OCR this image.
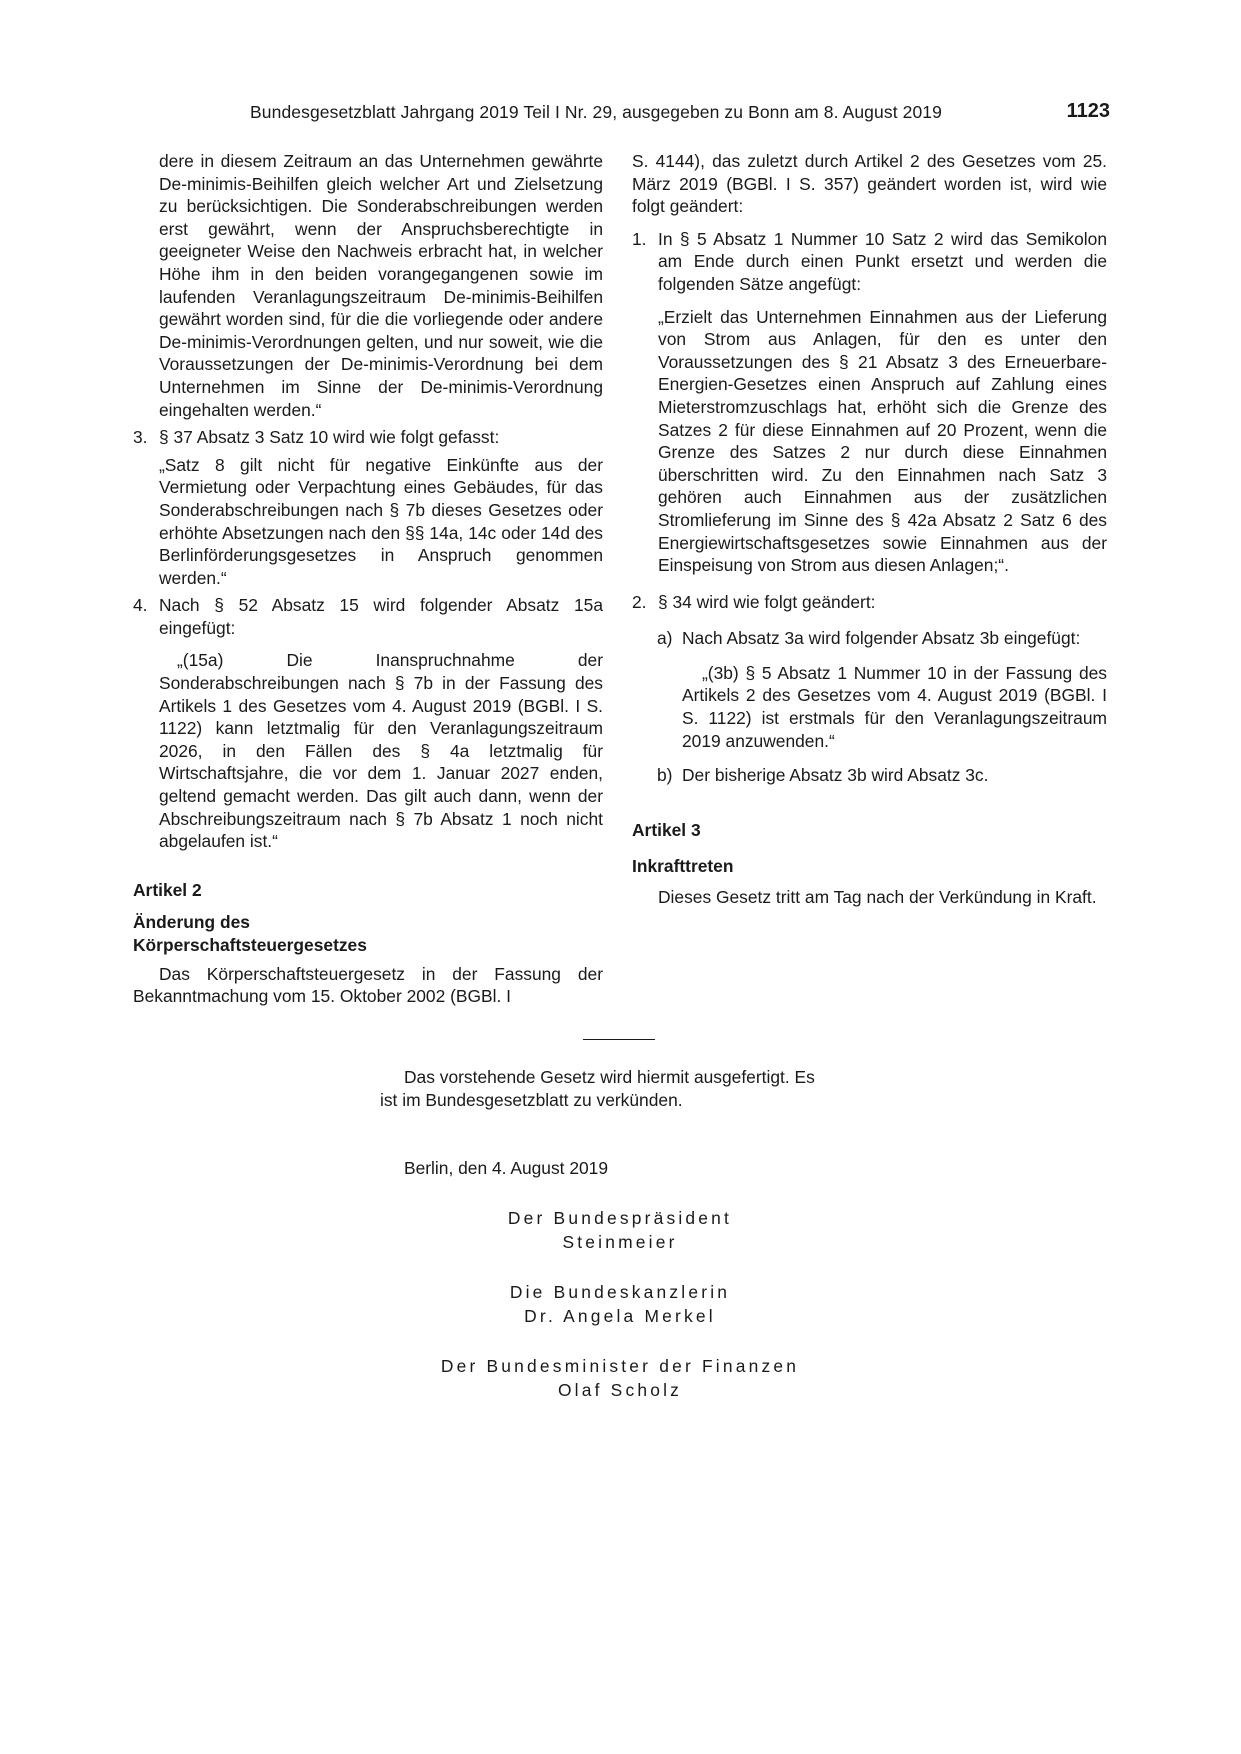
Bundesgesetzblatt Jahrgang 2019 Teil I Nr. 29, ausgegeben zu Bonn am 8. August 2019	1123

dere in diesem Zeitraum an das Unternehmen gewährte De-minimis-Beihilfen gleich welcher Art und Zielsetzung zu berücksichtigen. Die Sonderabschreibungen werden erst gewährt, wenn der Anspruchsberechtigte in geeigneter Weise den Nachweis erbracht hat, in welcher Höhe ihm in den beiden vorangegangenen sowie im laufenden Veranlagungszeitraum De-minimis-Beihilfen gewährt worden sind, für die die vorliegende oder andere De-minimis-Verordnungen gelten, und nur soweit, wie die Voraussetzungen der De-minimis-Verordnung bei dem Unternehmen im Sinne der De-minimis-Verordnung eingehalten werden.“

3. § 37 Absatz 3 Satz 10 wird wie folgt gefasst:

„Satz 8 gilt nicht für negative Einkünfte aus der Vermietung oder Verpachtung eines Gebäudes, für das Sonderabschreibungen nach § 7b dieses Gesetzes oder erhöhte Absetzungen nach den §§ 14a, 14c oder 14d des Berlinförderungsgesetzes in Anspruch genommen werden.“

4. Nach § 52 Absatz 15 wird folgender Absatz 15a eingefügt:

„(15a) Die Inanspruchnahme der Sonderabschreibungen nach § 7b in der Fassung des Artikels 1 des Gesetzes vom 4. August 2019 (BGBl. I S. 1122) kann letztmalig für den Veranlagungszeitraum 2026, in den Fällen des § 4a letztmalig für Wirtschaftsjahre, die vor dem 1. Januar 2027 enden, geltend gemacht werden. Das gilt auch dann, wenn der Abschreibungszeitraum nach § 7b Absatz 1 noch nicht abgelaufen ist.“

Artikel 2

Änderung des

Körperschaftsteuergesetzes

Das Körperschaftsteuergesetz in der Fassung der Bekanntmachung vom 15. Oktober 2002 (BGBl. I

S. 4144), das zuletzt durch Artikel 2 des Gesetzes vom 25. März 2019 (BGBl. I S. 357) geändert worden ist, wird wie folgt geändert:

1. In § 5 Absatz 1 Nummer 10 Satz 2 wird das Semikolon am Ende durch einen Punkt ersetzt und werden die folgenden Sätze angefügt:

„Erzielt das Unternehmen Einnahmen aus der Lieferung von Strom aus Anlagen, für den es unter den Voraussetzungen des § 21 Absatz 3 des Erneuerbare-Energien-Gesetzes einen Anspruch auf Zahlung eines Mieterstromzuschlags hat, erhöht sich die Grenze des Satzes 2 für diese Einnahmen auf 20 Prozent, wenn die Grenze des Satzes 2 nur durch diese Einnahmen überschritten wird. Zu den Einnahmen nach Satz 3 gehören auch Einnahmen aus der zusätzlichen Stromlieferung im Sinne des § 42a Absatz 2 Satz 6 des Energiewirtschaftsgesetzes sowie Einnahmen aus der Einspeisung von Strom aus diesen Anlagen;“.

2. § 34 wird wie folgt geändert:
a) Nach Absatz 3a wird folgender Absatz 3b eingefügt:

„(3b) § 5 Absatz 1 Nummer 10 in der Fassung des Artikels 2 des Gesetzes vom 4. August 2019 (BGBl. I S. 1122) ist erstmals für den Veranlagungszeitraum 2019 anzuwenden.“

b) Der bisherige Absatz 3b wird Absatz 3c.

Artikel 3

Inkrafttreten

Dieses Gesetz tritt am Tag nach der Verkündung in Kraft.

Das vorstehende Gesetz wird hiermit ausgefertigt. Es
ist im Bundesgesetzblatt zu verkünden.
Berlin, den 4. August 2019
Der Bundespräsident
Steinmeier
Die Bundeskanzlerin
Dr. Angela Merkel
Der Bundesminister der Finanzen
Olaf Scholz
